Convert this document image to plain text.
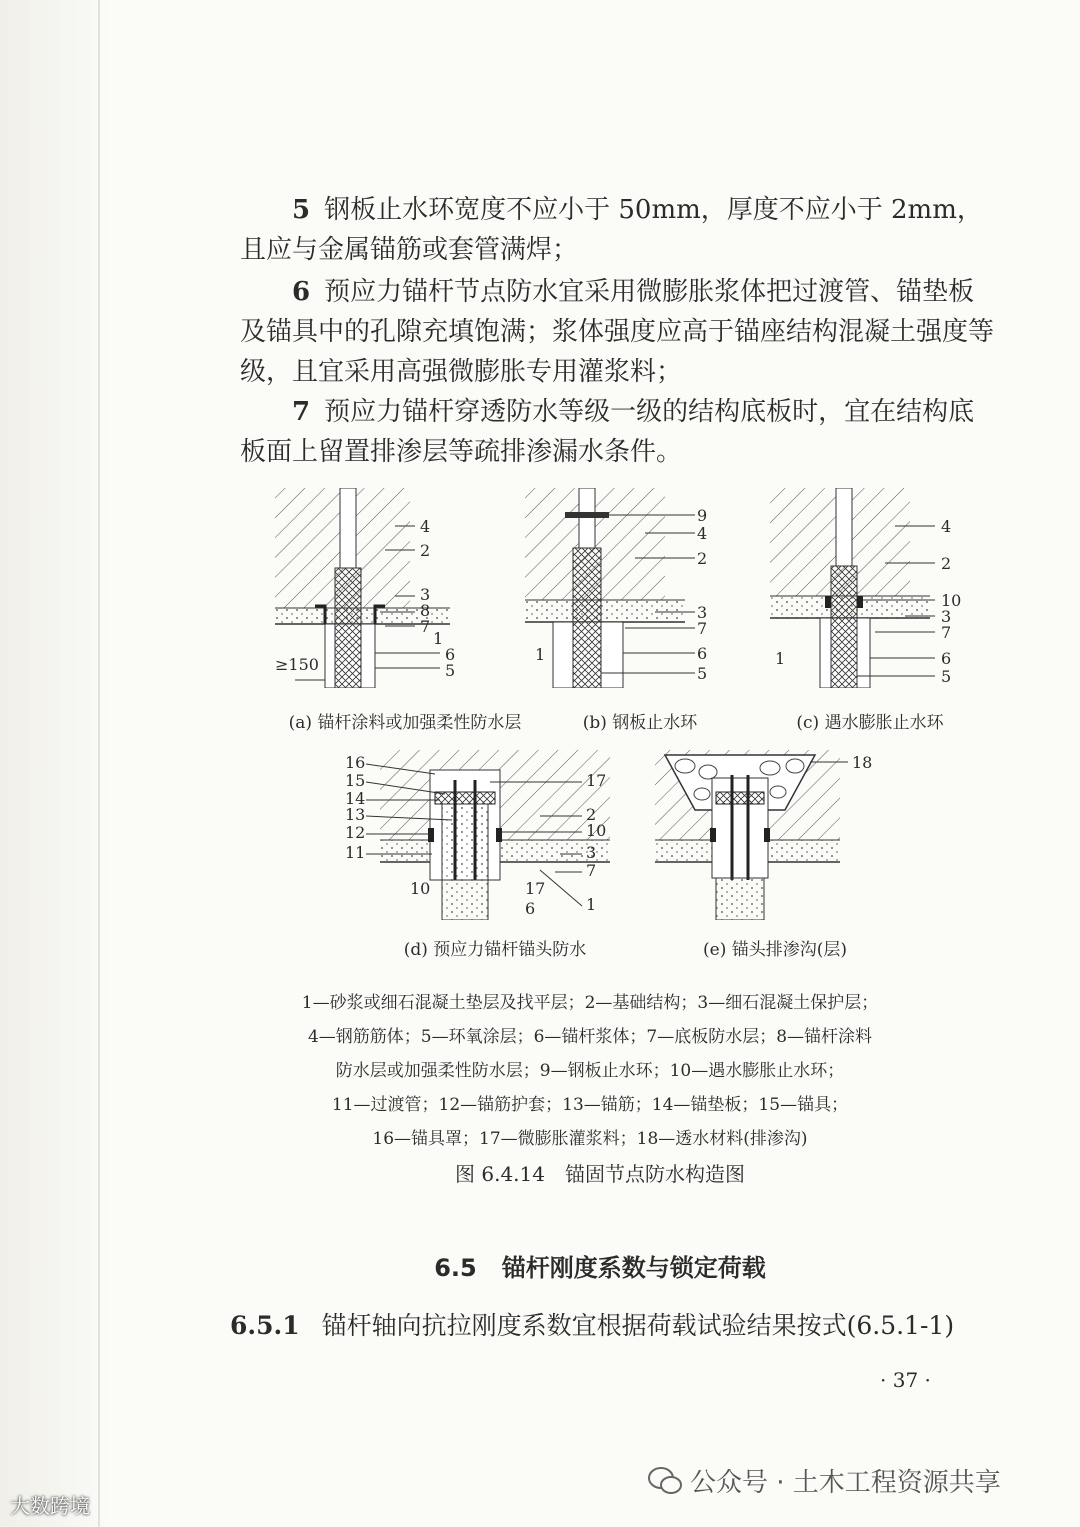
5 钢板止水环宽度不应小于 50mm，厚度不应小于 2mm，且应与金属锚筋或套管满焊；

6 预应力锚杆节点防水宜采用微膨胀浆体把过渡管、锚垫板及锚具中的孔隙充填饱满；浆体强度应高于锚座结构混凝土强度等级，且宜采用高强微膨胀专用灌浆料；

7 预应力锚杆穿透防水等级一级的结构底板时，宜在结构底板面上留置排渗层等疏排渗漏水条件。

4
2
3
8
7
1
6
5
≥150
9
4
2
3
7
1	6
5
4
2
10
3
7
1	6
5
(a) 锚杆涂料或加强柔性防水层	(b) 钢板止水环	(c) 遇水膨胀止水环
16
15
14
13
12
11
17
2
10
3
7
1
10	17
6
18
(d) 预应力锚杆锚头防水	(e) 锚头排渗沟(层)

1—砂浆或细石混凝土垫层及找平层；2—基础结构；3—细石混凝土保护层；

4—钢筋筋体；5—环氧涂层；6—锚杆浆体；7—底板防水层；8—锚杆涂料

防水层或加强柔性防水层；9—钢板止水环；10—遇水膨胀止水环；

11—过渡管；12—锚筋护套；13—锚筋；14—锚垫板；15—锚具；

16—锚具罩；17—微膨胀灌浆料；18—透水材料(排渗沟)

图 6.4.14　锚固节点防水构造图
6.5 锚杆刚度系数与锁定荷载
6.5.1 锚杆轴向抗拉刚度系数宜根据荷载试验结果按式(6.5.1-1)
· 37 ·
公众号 · 土木工程资源共享
大数跨境
